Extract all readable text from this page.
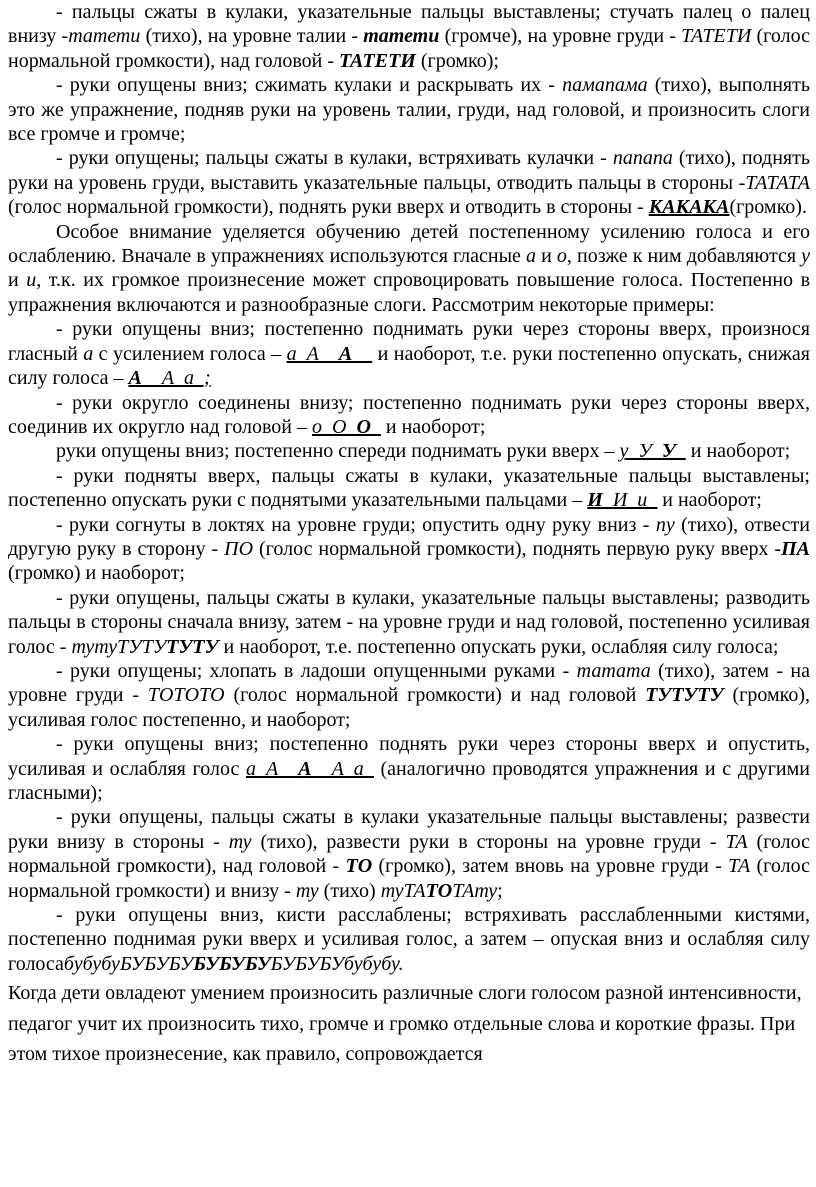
- пальцы сжаты в кулаки, указательные пальцы выставлены; стучать палец о палец внизу -татети (тихо), на уровне талии - татети (громче), на уровне груди - ТАТЕТИ (голос нормальной громкости), над головой - ТАТЕТИ (громко);

- руки опущены вниз; сжимать кулаки и раскрывать их - памапама (тихо), выполнять это же упражнение, подняв руки на уровень талии, груди, над головой, и произносить слоги все громче и громче;

- руки опущены; пальцы сжаты в кулаки, встряхивать кулачки - папапа (тихо), поднять руки на уровень груди, выставить указательные пальцы, отводить пальцы в стороны -ТАТАТА (голос нормальной громкости), поднять руки вверх и отводить в стороны - КАКАКА(громко).

Особое внимание уделяется обучению детей постепенному усилению голоса и его ослаблению. Вначале в упражнениях используются гласные а и о, позже к ним добавляются у и и, т.к. их громкое произнесение может спровоцировать повышение голоса. Постепенно в упражнения включаются и разнообразные слоги. Рассмотрим некоторые примеры:

- руки опущены вниз; постепенно поднимать руки через стороны вверх, произнося гласный а с усилением голоса – а_А__А__ и наоборот, т.е. руки постепенно опускать, снижая силу голоса – А__А_а_;

- руки округло соединены внизу; постепенно поднимать руки через стороны вверх, соединив их округло над головой – о_О_О_ и наоборот;

руки опущены вниз; постепенно спереди поднимать руки вверх – у_У_У_ и наоборот;

- руки подняты вверх, пальцы сжаты в кулаки, указательные пальцы выставлены; постепенно опускать руки с поднятыми указательными пальцами – И_И_и_ и наоборот;

- руки согнуты в локтях на уровне груди; опустить одну руку вниз - пу (тихо), отвести другую руку в сторону - ПО (голос нормальной громкости), поднять первую руку вверх -ПА (громко) и наоборот;

- руки опущены, пальцы сжаты в кулаки, указательные пальцы выставлены; разводить пальцы в стороны сначала внизу, затем - на уровне груди и над головой, постепенно усиливая голос - тутуТУТУТУТУ и наоборот, т.е. постепенно опускать руки, ослабляя силу голоса;

- руки опущены; хлопать в ладоши опущенными руками - татата (тихо), затем - на уровне груди - ТОТОТО (голос нормальной громкости) и над головой ТУТУТУ (громко), усиливая голос постепенно, и наоборот;

- руки опущены вниз; постепенно поднять руки через стороны вверх и опустить, усиливая и ослабляя голос а_А__А__А_а_ (аналогично проводятся упражнения и с другими гласными);

- руки опущены, пальцы сжаты в кулаки указательные пальцы выставлены; развести руки внизу в стороны - ту (тихо), развести руки в стороны на уровне груди - ТА (голос нормальной громкости), над головой - ТО (громко), затем вновь на уровне груди - ТА (голос нормальной громкости) и внизу - ту (тихо) туТАТОТАту;

- руки опущены вниз, кисти расслаблены; встряхивать расслабленными кистями, постепенно поднимая руки вверх и усиливая голос, а затем – опуская вниз и ослабляя силу голосабубубуБУБУБУБУБУБУБУБУБУбубубу.

Когда дети овладеют умением произносить различные слоги голосом разной интенсивности, педагог учит их произносить тихо, громче и громко отдельные слова и короткие фразы. При этом тихое произнесение, как правило, сопровождается
